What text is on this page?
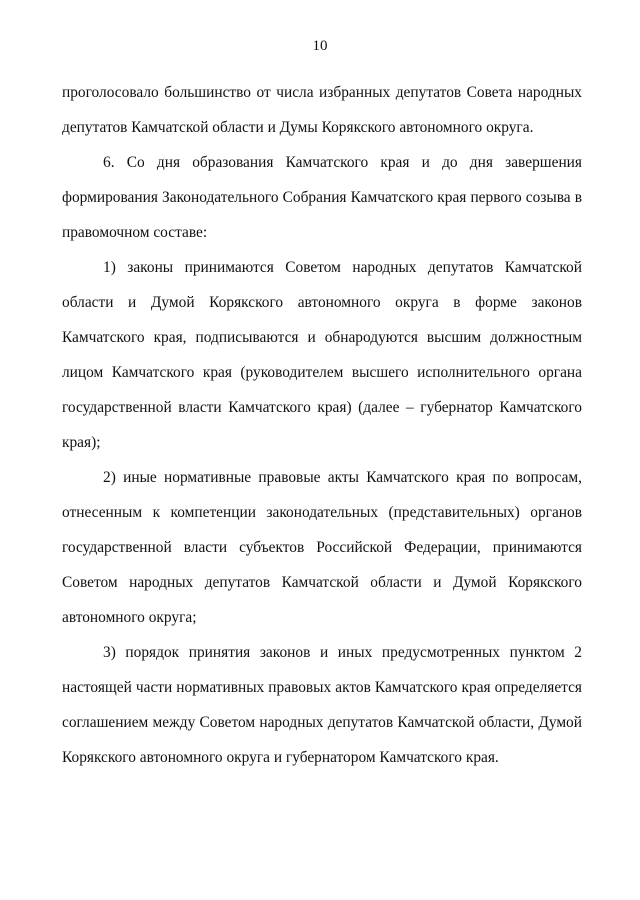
10

проголосовало большинство от числа избранных депутатов Совета народных депутатов Камчатской области и Думы Корякского автономного округа.

6. Со дня образования Камчатского края и до дня завершения формирования Законодательного Собрания Камчатского края первого созыва в правомочном составе:

1) законы принимаются Советом народных депутатов Камчатской области и Думой Корякского автономного округа в форме законов Камчатского края, подписываются и обнародуются высшим должностным лицом Камчатского края (руководителем высшего исполнительного органа государственной власти Камчатского края) (далее – губернатор Камчатского края);

2) иные нормативные правовые акты Камчатского края по вопросам, отнесенным к компетенции законодательных (представительных) органов государственной власти субъектов Российской Федерации, принимаются Советом народных депутатов Камчатской области и Думой Корякского автономного округа;

3) порядок принятия законов и иных предусмотренных пунктом 2 настоящей части нормативных правовых актов Камчатского края определяется соглашением между Советом народных депутатов Камчатской области, Думой Корякского автономного округа и губернатором Камчатского края.
